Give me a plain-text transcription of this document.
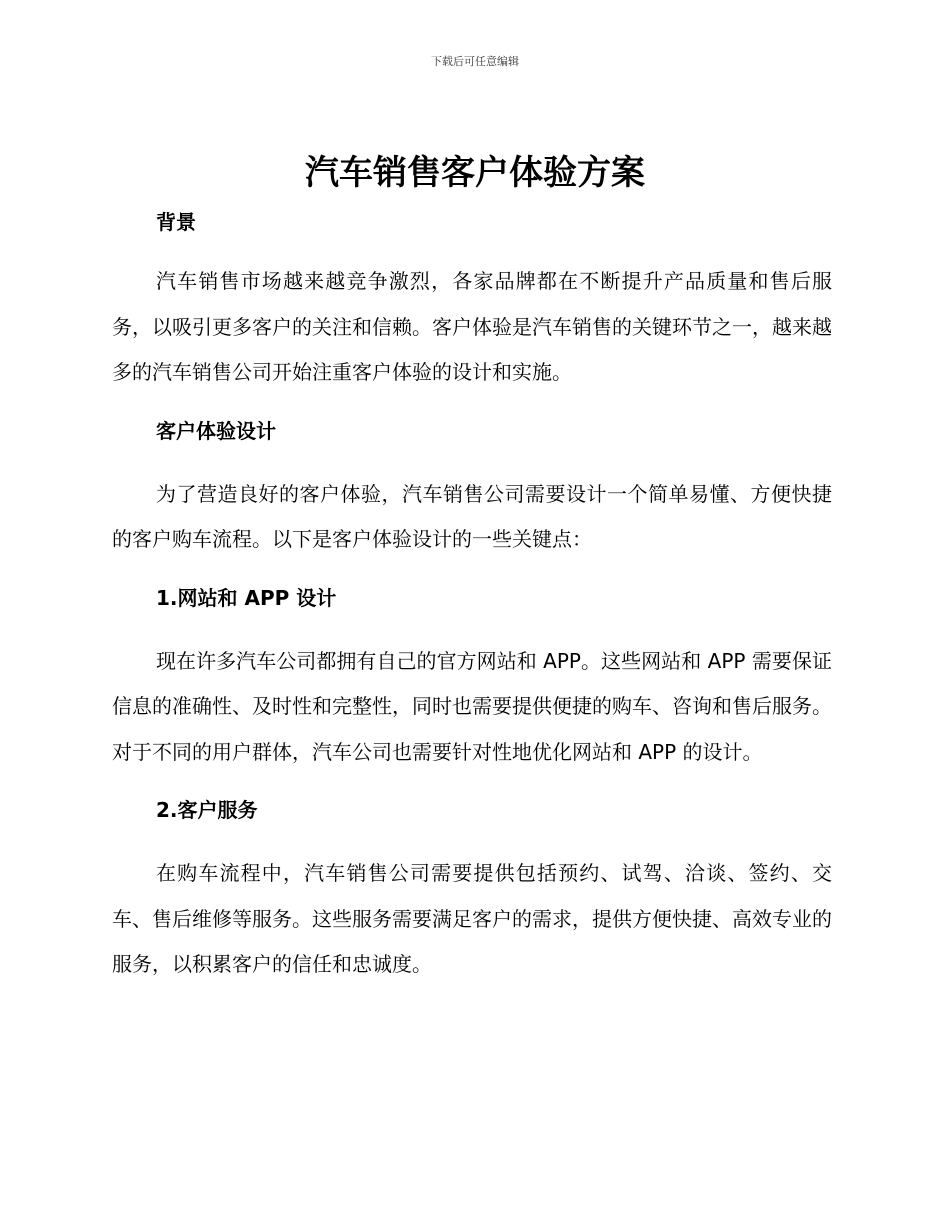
下载后可任意编辑
汽车销售客户体验方案
背景

汽车销售市场越来越竞争激烈，各家品牌都在不断提升产品质量和售后服务，以吸引更多客户的关注和信赖。客户体验是汽车销售的关键环节之一，越来越多的汽车销售公司开始注重客户体验的设计和实施。

客户体验设计

为了营造良好的客户体验，汽车销售公司需要设计一个简单易懂、方便快捷的客户购车流程。以下是客户体验设计的一些关键点：

1.网站和 APP 设计

现在许多汽车公司都拥有自己的官方网站和 APP。这些网站和 APP 需要保证信息的准确性、及时性和完整性，同时也需要提供便捷的购车、咨询和售后服务。对于不同的用户群体，汽车公司也需要针对性地优化网站和 APP 的设计。

2.客户服务

在购车流程中，汽车销售公司需要提供包括预约、试驾、洽谈、签约、交车、售后维修等服务。这些服务需要满足客户的需求，提供方便快捷、高效专业的服务，以积累客户的信任和忠诚度。
